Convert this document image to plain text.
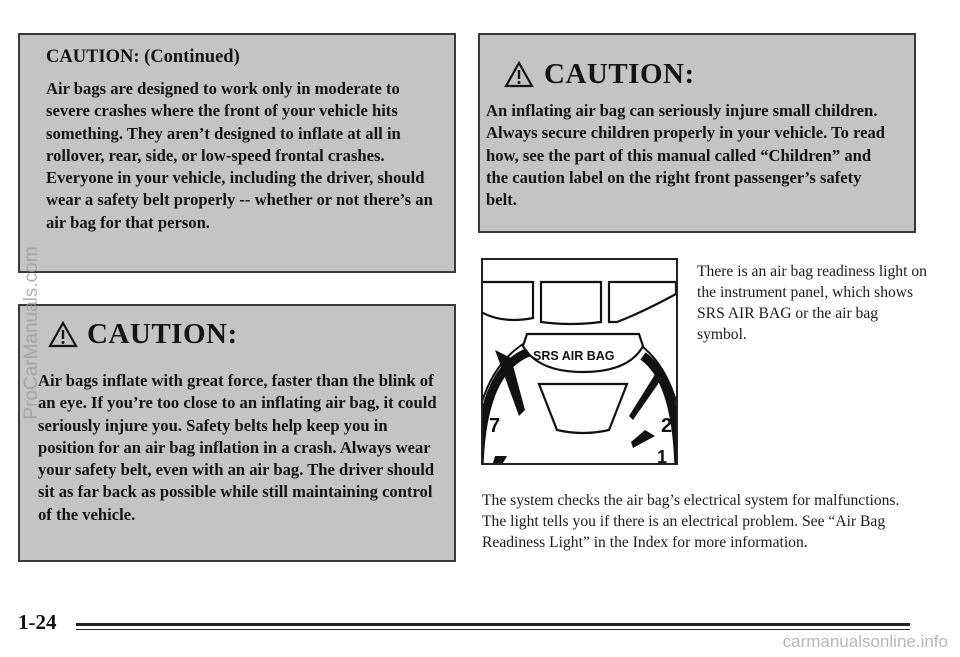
CAUTION: (Continued)
Air bags are designed to work only in moderate to severe crashes where the front of your vehicle hits something. They aren’t designed to inflate at all in rollover, rear, side, or low-speed frontal crashes. Everyone in your vehicle, including the driver, should wear a safety belt properly -- whether or not there’s an air bag for that person.
CAUTION:
Air bags inflate with great force, faster than the blink of an eye. If you’re too close to an inflating air bag, it could seriously injure you. Safety belts help keep you in position for an air bag inflation in a crash. Always wear your safety belt, even with an air bag. The driver should sit as far back as possible while still maintaining control of the vehicle.
CAUTION:
An inflating air bag can seriously injure small children. Always secure children properly in your vehicle. To read how, see the part of this manual called “Children” and the caution label on the right front passenger’s safety belt.
SRS AIR BAG
7	2
1
There is an air bag readiness light on the instrument panel, which shows SRS AIR BAG or the air bag symbol.
The system checks the air bag’s electrical system for malfunctions. The light tells you if there is an electrical problem. See “Air Bag Readiness Light” in the Index for more information.
1-24
ProCarManuals.com
carmanualsonline.info
